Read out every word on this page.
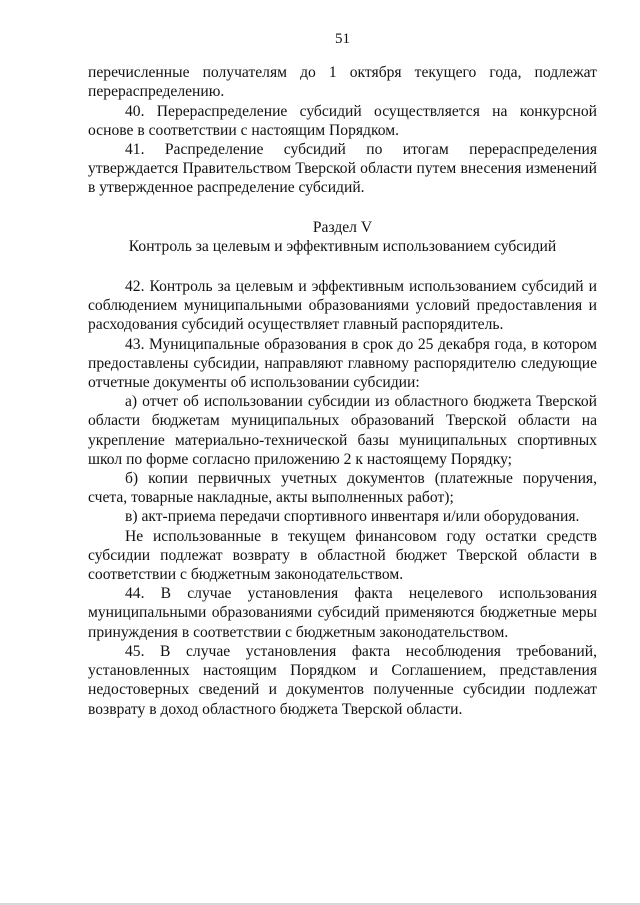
51

перечисленные получателям до 1 октября текущего года, подлежат перераспределению.

40. Перераспределение субсидий осуществляется на конкурсной основе в соответствии с настоящим Порядком.

41. Распределение субсидий по итогам перераспределения утверждается Правительством Тверской области путем внесения изменений в утвержденное распределение субсидий.

Раздел V

Контроль за целевым и эффективным использованием субсидий

42. Контроль за целевым и эффективным использованием субсидий и соблюдением муниципальными образованиями условий предоставления и расходования субсидий осуществляет главный распорядитель.

43. Муниципальные образования в срок до 25 декабря года, в котором предоставлены субсидии, направляют главному распорядителю следующие отчетные документы об использовании субсидии:

а) отчет об использовании субсидии из областного бюджета Тверской области бюджетам муниципальных образований Тверской области на укрепление материально-технической базы муниципальных спортивных школ по форме согласно приложению 2 к настоящему Порядку;

б) копии первичных учетных документов (платежные поручения, счета, товарные накладные, акты выполненных работ);

в) акт-приема передачи спортивного инвентаря и/или оборудования.

Не использованные в текущем финансовом году остатки средств субсидии подлежат возврату в областной бюджет Тверской области в соответствии с бюджетным законодательством.

44. В случае установления факта нецелевого использования муниципальными образованиями субсидий применяются бюджетные меры принуждения в соответствии с бюджетным законодательством.

45. В случае установления факта несоблюдения требований, установленных настоящим Порядком и Соглашением, представления недостоверных сведений и документов полученные субсидии подлежат возврату в доход областного бюджета Тверской области.
